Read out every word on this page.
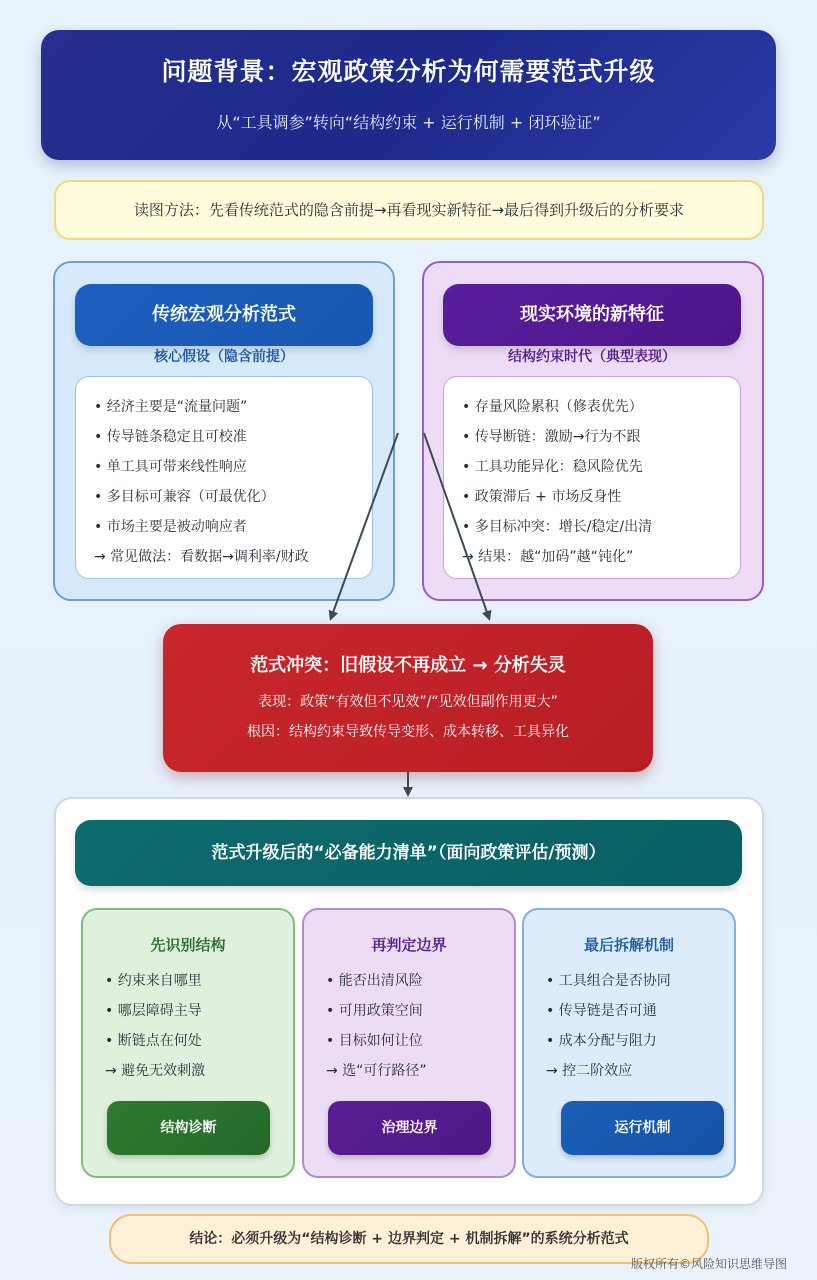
问题背景：宏观政策分析为何需要范式升级
从“工具调参”转向“结构约束 + 运行机制 + 闭环验证”
读图方法：先看传统范式的隐含前提→再看现实新特征→最后得到升级后的分析要求
传统宏观分析范式	现实环境的新特征
核心假设（隐含前提）	结构约束时代（典型表现）
• 经济主要是“流量问题”
• 传导链条稳定且可校准
• 单工具可带来线性响应
• 多目标可兼容（可最优化）
• 市场主要是被动响应者
→ 常见做法：看数据→调利率/财政
• 存量风险累积（修表优先）
• 传导断链：激励→行为不跟
• 工具功能异化：稳风险优先
• 政策滞后 + 市场反身性
• 多目标冲突：增长/稳定/出清
→ 结果：越“加码”越“钝化”
范式冲突：旧假设不再成立 → 分析失灵
表现：政策“有效但不见效”/“见效但副作用更大”
根因：结构约束导致传导变形、成本转移、工具异化
范式升级后的“必备能力清单”（面向政策评估/预测）
先识别结构
• 约束来自哪里
• 哪层障碍主导
• 断链点在何处
→ 避免无效刺激
结构诊断
再判定边界
• 能否出清风险
• 可用政策空间
• 目标如何让位
→ 选“可行路径”
治理边界
最后拆解机制
• 工具组合是否协同
• 传导链是否可通
• 成本分配与阻力
→ 控二阶效应
运行机制
结论：必须升级为“结构诊断 + 边界判定 + 机制拆解”的系统分析范式
版权所有©风险知识思维导图
